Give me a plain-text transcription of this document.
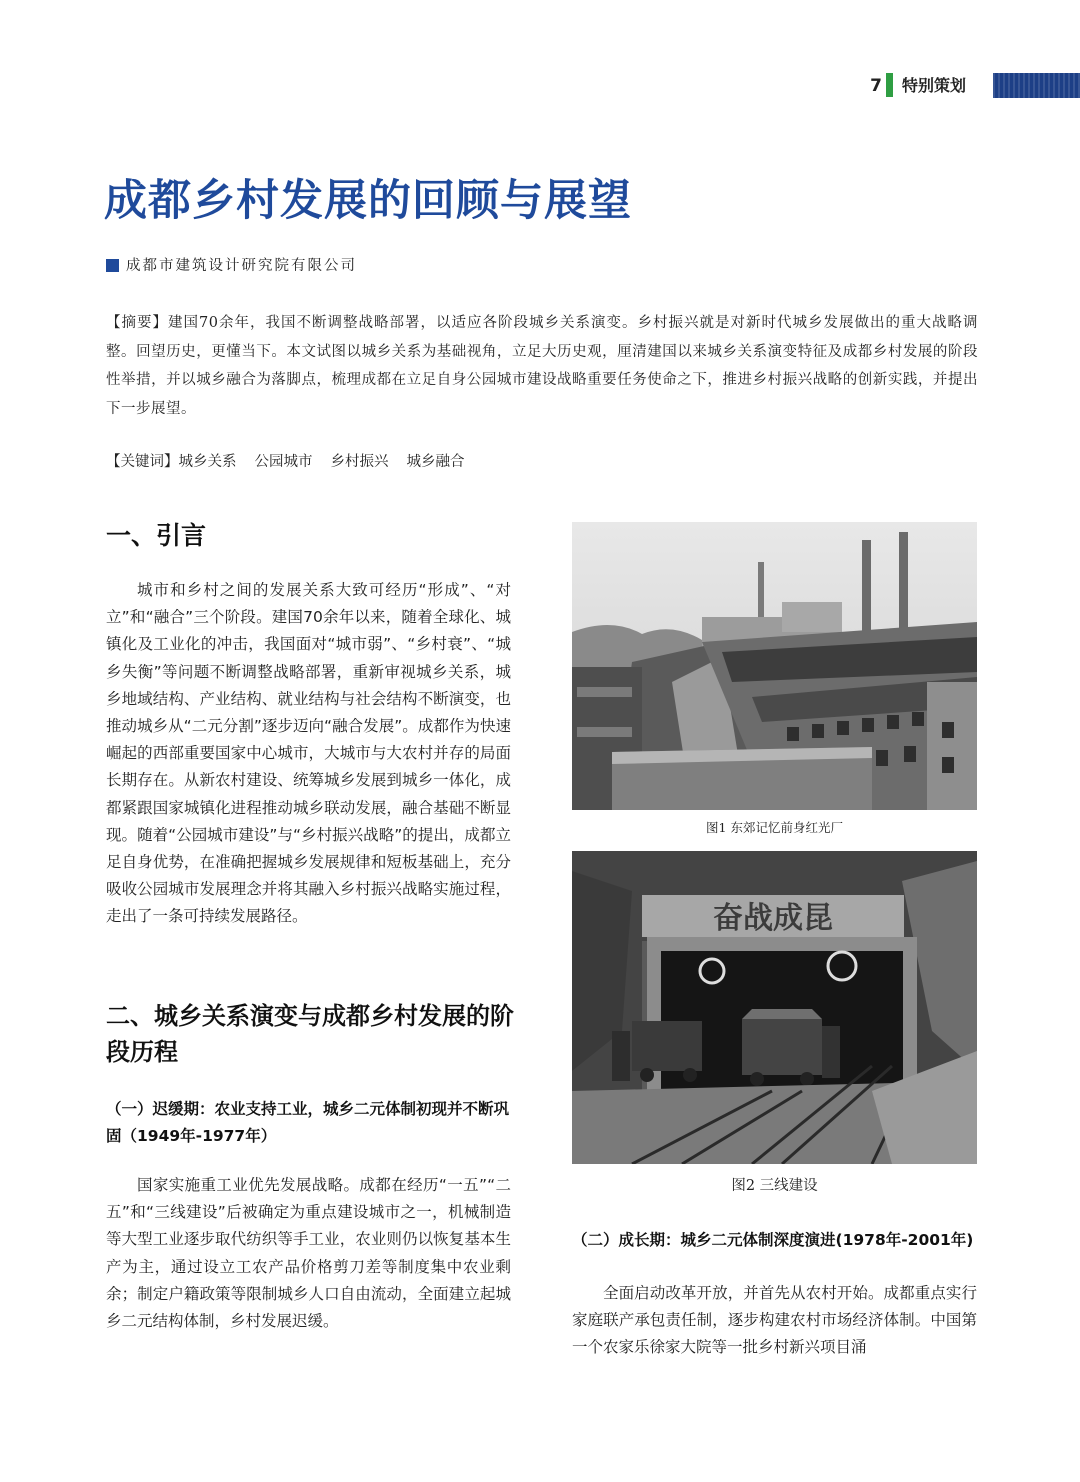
7 特别策划
成都乡村发展的回顾与展望
成都市建筑设计研究院有限公司

【摘要】建国70余年，我国不断调整战略部署，以适应各阶段城乡关系演变。乡村振兴就是对新时代城乡发展做出的重大战略调整。回望历史，更懂当下。本文试图以城乡关系为基础视角，立足大历史观，厘清建国以来城乡关系演变特征及成都乡村发展的阶段性举措，并以城乡融合为落脚点，梳理成都在立足自身公园城市建设战略重要任务使命之下，推进乡村振兴战略的创新实践，并提出下一步展望。

【关键词】城乡关系 公园城市 乡村振兴 城乡融合
一、引言

城市和乡村之间的发展关系大致可经历“形成”、“对立”和“融合”三个阶段。建国70余年以来，随着全球化、城镇化及工业化的冲击，我国面对“城市弱”、“乡村衰”、“城乡失衡”等问题不断调整战略部署，重新审视城乡关系，城乡地域结构、产业结构、就业结构与社会结构不断演变，也推动城乡从“二元分割”逐步迈向“融合发展”。成都作为快速崛起的西部重要国家中心城市，大城市与大农村并存的局面长期存在。从新农村建设、统筹城乡发展到城乡一体化，成都紧跟国家城镇化进程推动城乡联动发展，融合基础不断显现。随着“公园城市建设”与“乡村振兴战略”的提出，成都立足自身优势，在准确把握城乡发展规律和短板基础上，充分吸收公园城市发展理念并将其融入乡村振兴战略实施过程，走出了一条可持续发展路径。

二、城乡关系演变与成都乡村发展的阶段历程
（一）迟缓期：农业支持工业，城乡二元体制初现并不断巩固（1949年-1977年）

国家实施重工业优先发展战略。成都在经历“一五”“二五”和“三线建设”后被确定为重点建设城市之一，机械制造等大型工业逐步取代纺织等手工业，农业则仍以恢复基本生产为主，通过设立工农产品价格剪刀差等制度集中农业剩余；制定户籍政策等限制城乡人口自由流动，全面建立起城乡二元结构体制，乡村发展迟缓。

图1 东郊记忆前身红光厂
奋战成昆
图2 三线建设
（二）成长期：城乡二元体制深度演进(1978年-2001年)

全面启动改革开放，并首先从农村开始。成都重点实行家庭联产承包责任制，逐步构建农村市场经济体制。中国第一个农家乐徐家大院等一批乡村新兴项目涌
